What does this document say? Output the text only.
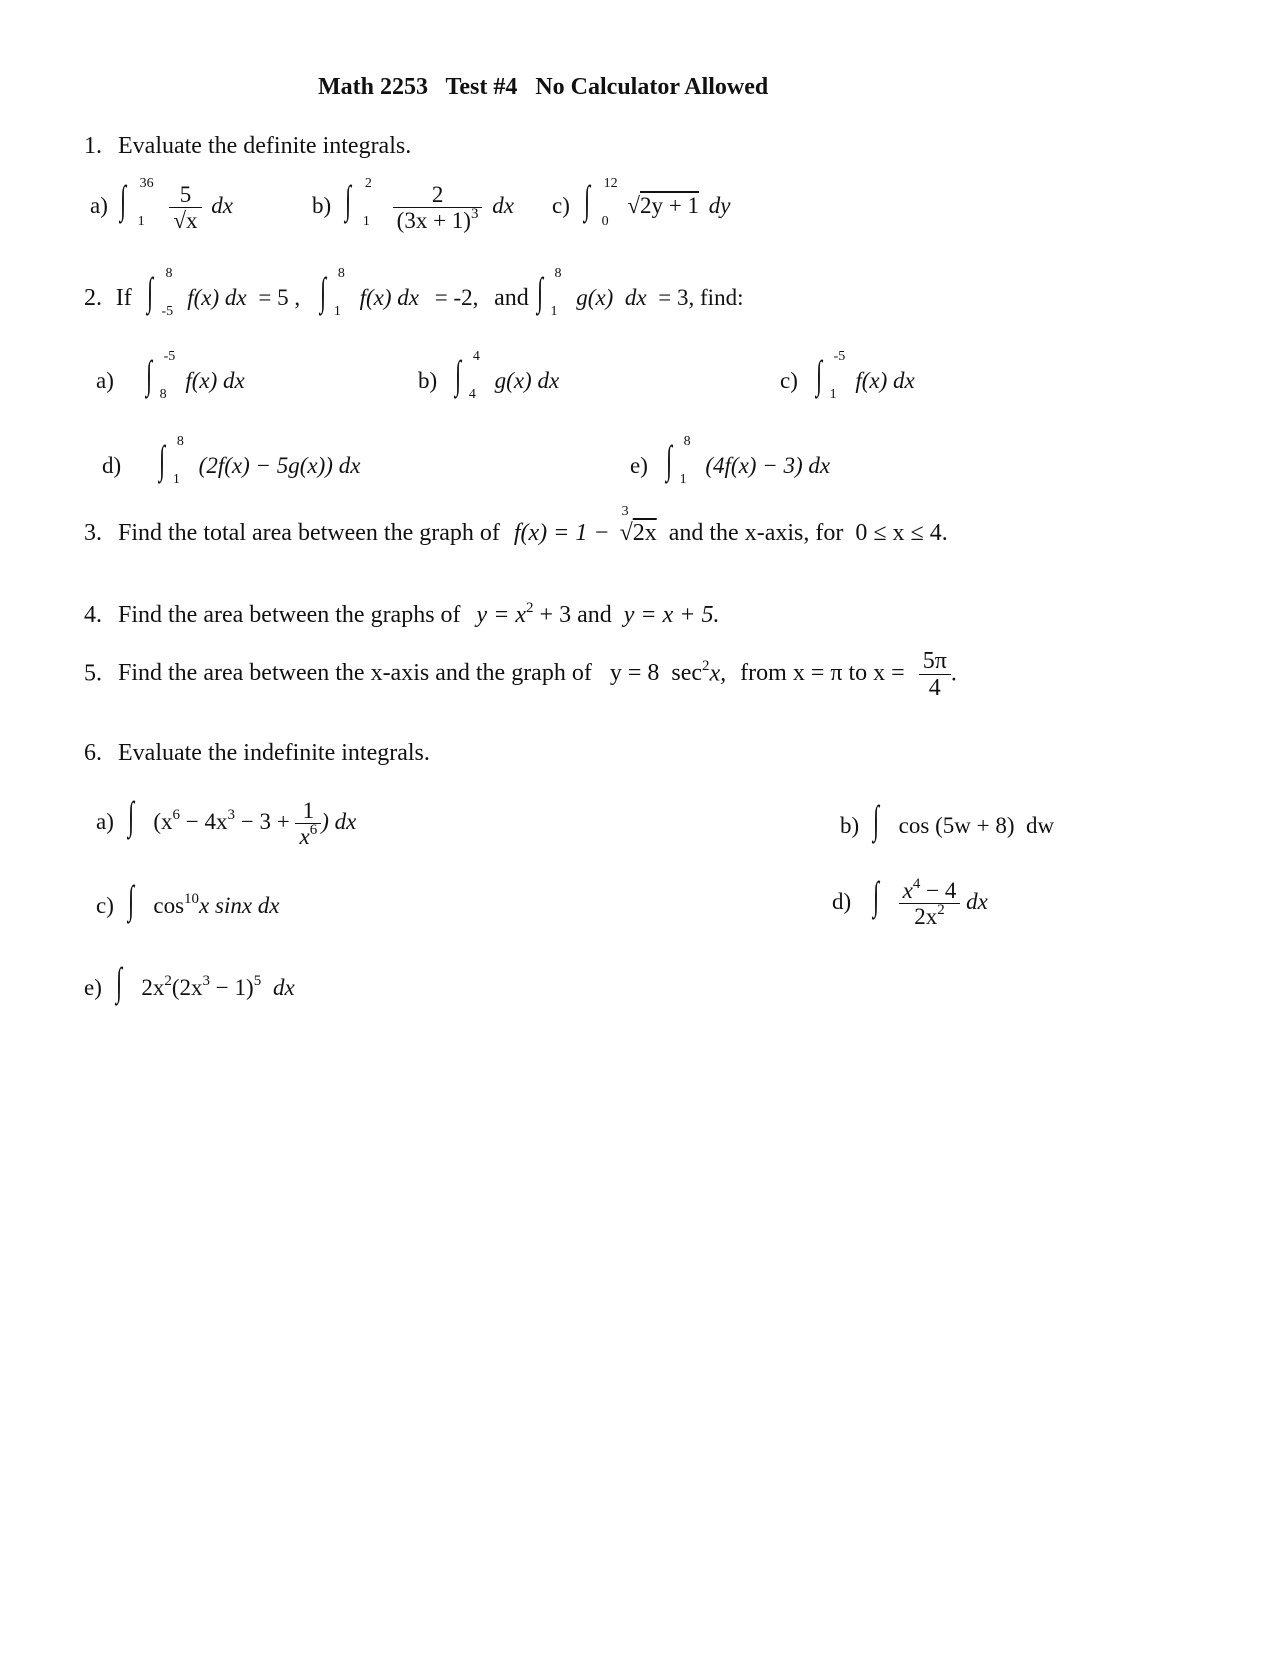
Math 2253   Test #4   No Calculator Allowed
1. Evaluate the definite integrals.
a) ∫ 36
1
$\frac{5}{√x}$ dx	b) ∫ 2
1
$\frac{2}{(3x + 1)^3}$ dx c) ∫ 12
0
√2y + 1 dy
2. If ∫ 8
-5
f(x) dx = 5 , ∫ 8
1
f(x) dx = -2, and ∫ 8
1
g(x)  dx = 3, find:
a) ∫ -5
8
f(x) dx	b) ∫ 4
4
g(x) dx	c) ∫ -5
1
f(x) dx
d) ∫ 8
1
(2f(x) − 5g(x)) dx	e) ∫ 8
1
(4f(x) − 3) dx
3. Find the total area between the graph of f(x) = 1 −
3
√2x and the x-axis, for 0 ≤ x ≤ 4.
4. Find the area between the graphs of $y = x^2 + 3$ and y = x + 5.
5. Find the area between the x-axis and the graph of y = 8  $\sec^2x$, from x = π to $x = \frac{5\pi}{4}$ .
6. Evaluate the indefinite integrals.
a) ∫ ($x^6 - 4x^3 - 3 + \frac{1}{x^6}$ ) dx	b) ∫ cos (5w + 8)  dw
c) ∫ $\cos^{10}x$ sinx dx	d) ∫ $\frac{x^4 - 4}{2x^2}$ dx
e) ∫ $2x^2(2x^3 - 1)^5$ dx
